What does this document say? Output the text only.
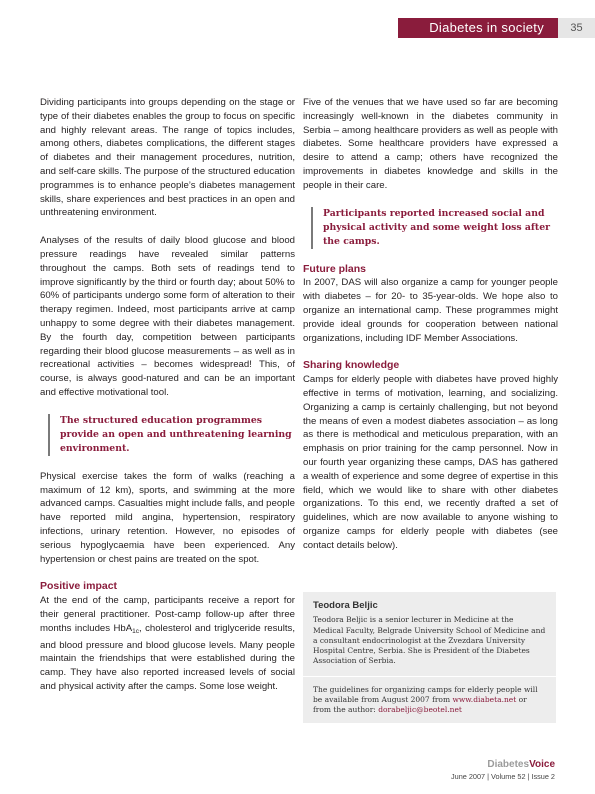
Diabetes in society	35

Dividing participants into groups depending on the stage or type of their diabetes enables the group to focus on specific and highly relevant areas. The range of topics includes, among others, diabetes complications, the different stages of diabetes and their management procedures, nutrition, and self-care skills. The purpose of the structured education programmes is to enhance people’s diabetes management skills, share experiences and best practices in an open and unthreatening environment.

Analyses of the results of daily blood glucose and blood pressure readings have revealed similar patterns throughout the camps. Both sets of readings tend to improve significantly by the third or fourth day; about 50% to 60% of participants undergo some form of alteration to their therapy regimen. Indeed, most participants arrive at camp unhappy to some degree with their diabetes management. By the fourth day, competition between participants regarding their blood glucose measurements – as well as in recreational activities – becomes widespread! This, of course, is always good-natured and can be an important and effective motivational tool.

The structured education programmes provide an open and unthreatening learning environment.

Physical exercise takes the form of walks (reaching a maximum of 12 km), sports, and swimming at the more advanced camps. Casualties might include falls, and people have reported mild angina, hypertension, respiratory infections, urinary retention. However, no episodes of serious hypoglycaemia have been experienced. Any hypertension or chest pains are treated on the spot.

Positive impact

At the end of the camp, participants receive a report for their general practitioner. Post-camp follow-up after three months includes HbA$_{1c}$, cholesterol and triglyceride results, and blood pressure and blood glucose levels. Many people maintain the friendships that were established during the camp. They have also reported increased levels of social and physical activity after the camps. Some lose weight.

Five of the venues that we have used so far are becoming increasingly well-known in the diabetes community in Serbia – among healthcare providers as well as people with diabetes. Some healthcare providers have expressed a desire to attend a camp; others have recognized the improvements in diabetes knowledge and skills in the people in their care.

Participants reported increased social and physical activity and some weight loss after the camps.
Future plans

In 2007, DAS will also organize a camp for younger people with diabetes – for 20- to 35-year-olds. We hope also to organize an international camp. These programmes might provide ideal grounds for cooperation between national organizations, including IDF Member Associations.

Sharing knowledge

Camps for elderly people with diabetes have proved highly effective in terms of motivation, learning, and socializing. Organizing a camp is certainly challenging, but not beyond the means of even a modest diabetes association – as long as there is methodical and meticulous preparation, with an emphasis on prior training for the camp personnel. Now in our fourth year organizing these camps, DAS has gathered a wealth of experience and some degree of expertise in this field, which we would like to share with other diabetes organizations. To this end, we recently drafted a set of guidelines, which are now available to anyone wishing to organize camps for elderly people with diabetes (see contact details below).

Teodora Beljic
Teodora Beljic is a senior lecturer in Medicine at the Medical Faculty, Belgrade University School of Medicine and a consultant endocrinologist at the Zvezdara University Hospital Centre, Serbia. She is President of the Diabetes Association of Serbia.
The guidelines for organizing camps for elderly people will be available from August 2007 from www.diabeta.net or from the author: dorabeljic@beotel.net
DiabetesVoice
June 2007 | Volume 52 | Issue 2
